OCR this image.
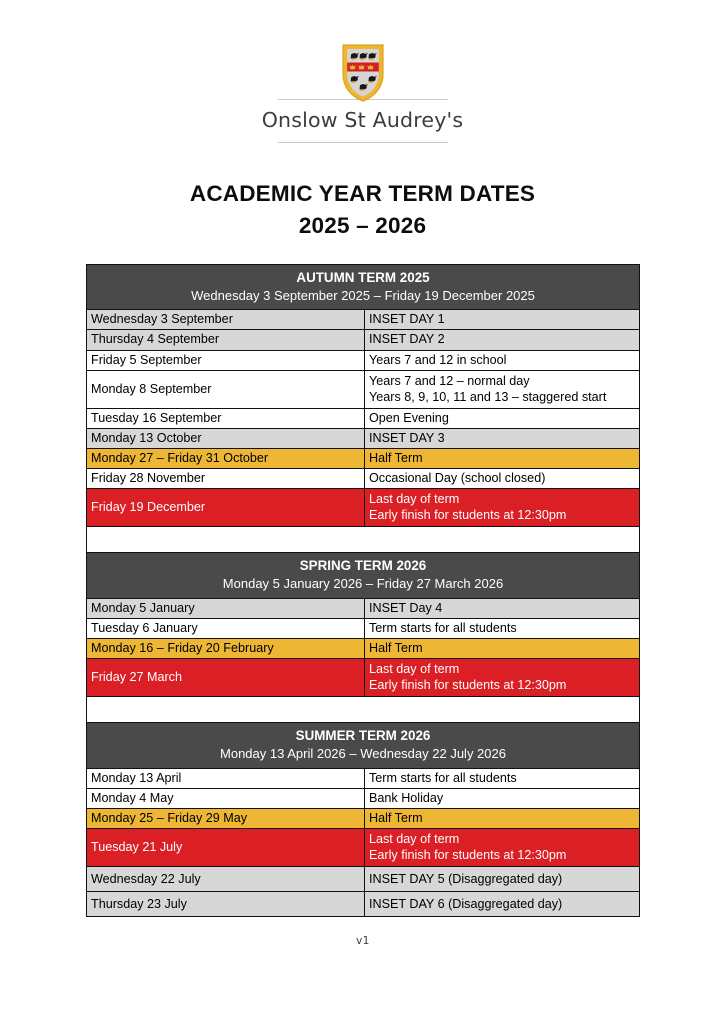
Onslow St Audrey's
ACADEMIC YEAR TERM DATES
2025 – 2026
AUTUMN TERM 2025	
Wednesday 3 September 2025 – Friday 19 December 2025	
Wednesday 3 September	INSET DAY 1

Thursday 4 September	INSET DAY 2

Friday 5 September	Years 7 and 12 in school

Monday 8 September	Years 7 and 12 – normal day
Years 8, 9, 10, 11 and 13 – staggered start

Tuesday 16 September	Open Evening

Monday 13 October	INSET DAY 3

Monday 27 – Friday 31 October	Half Term

Friday 28 November	Occasional Day (school closed)

Friday 19 December	Last day of term
Early finish for students at 12:30pm

SPRING TERM 2026	
Monday 5 January 2026 – Friday 27 March 2026	
Monday 5 January	INSET Day 4

Tuesday 6 January	Term starts for all students

Monday 16 – Friday 20 February	Half Term

Friday 27 March	Last day of term
Early finish for students at 12:30pm

SUMMER TERM 2026	
Monday 13 April 2026 – Wednesday 22 July 2026	
Monday 13 April	Term starts for all students

Monday 4 May	Bank Holiday

Monday 25 – Friday 29 May	Half Term

Tuesday 21 July	Last day of term
Early finish for students at 12:30pm

Wednesday 22 July	INSET DAY 5 (Disaggregated day)

Thursday 23 July	INSET DAY 6 (Disaggregated day)
v1
